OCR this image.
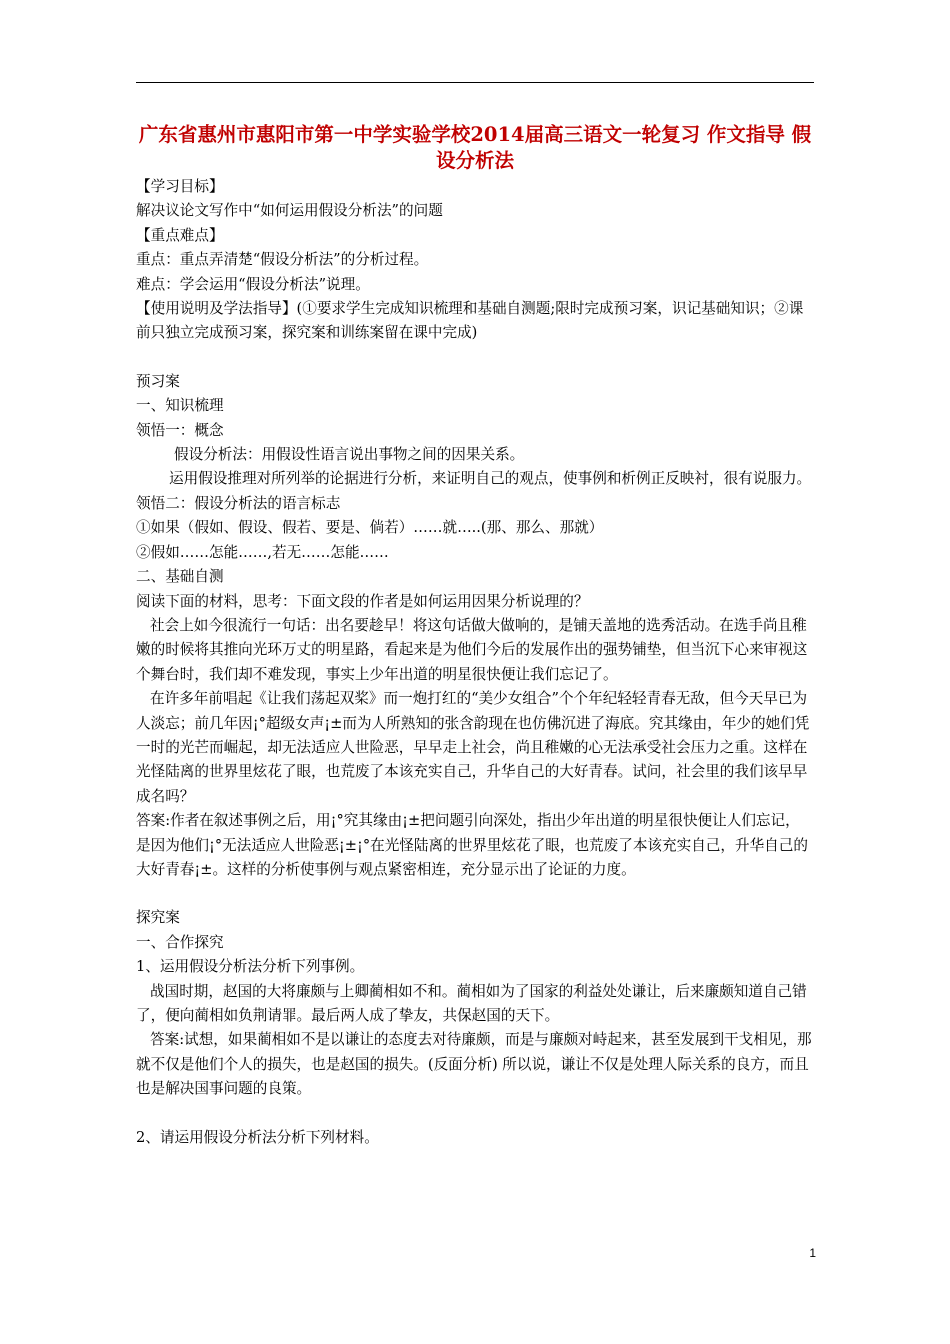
广东省惠州市惠阳市第一中学实验学校2014届高三语文一轮复习 作文指导 假设分析法

【学习目标】

解决议论文写作中“如何运用假设分析法”的问题

【重点难点】

重点：重点弄清楚“假设分析法”的分析过程。

难点：学会运用“假设分析法”说理。

【使用说明及学法指导】(①要求学生完成知识梳理和基础自测题;限时完成预习案，识记基础知识；②课前只独立完成预习案，探究案和训练案留在课中完成)

预习案

一、知识梳理

领悟一：概念

假设分析法：用假设性语言说出事物之间的因果关系。

运用假设推理对所列举的论据进行分析，来证明自己的观点，使事例和析例正反映衬，很有说服力。

领悟二：假设分析法的语言标志

①如果（假如、假设、假若、要是、倘若）……就…..(那、那么、那就）

②假如……怎能……,若无……怎能……

二、基础自测

阅读下面的材料，思考：下面文段的作者是如何运用因果分析说理的？

社会上如今很流行一句话：出名要趁早！将这句话做大做响的，是铺天盖地的选秀活动。在选手尚且稚嫩的时候将其推向光环万丈的明星路，看起来是为他们今后的发展作出的强势铺垫，但当沉下心来审视这个舞台时，我们却不难发现，事实上少年出道的明星很快便让我们忘记了。

在许多年前唱起《让我们荡起双桨》而一炮打红的“美少女组合”个个年纪轻轻青春无敌，但今天早已为人淡忘；前几年因¡°超级女声¡±而为人所熟知的张含韵现在也仿佛沉进了海底。究其缘由，年少的她们凭一时的光芒而崛起，却无法适应人世险恶，早早走上社会，尚且稚嫩的心无法承受社会压力之重。这样在光怪陆离的世界里炫花了眼，也荒废了本该充实自己，升华自己的大好青春。试问，社会里的我们该早早成名吗？

答案:作者在叙述事例之后，用¡°究其缘由¡±把问题引向深处，指出少年出道的明星很快便让人们忘记，是因为他们¡°无法适应人世险恶¡±¡°在光怪陆离的世界里炫花了眼，也荒废了本该充实自己，升华自己的大好青春¡±。这样的分析使事例与观点紧密相连，充分显示出了论证的力度。

探究案

一、合作探究

1、运用假设分析法分析下列事例。

战国时期，赵国的大将廉颇与上卿蔺相如不和。蔺相如为了国家的利益处处谦让，后来廉颇知道自己错了，便向蔺相如负荆请罪。最后两人成了挚友，共保赵国的天下。

答案:试想，如果蔺相如不是以谦让的态度去对待廉颇，而是与廉颇对峙起来，甚至发展到干戈相见，那就不仅是他们个人的损失，也是赵国的损失。(反面分析) 所以说，谦让不仅是处理人际关系的良方，而且也是解决国事问题的良策。

2、请运用假设分析法分析下列材料。

1
